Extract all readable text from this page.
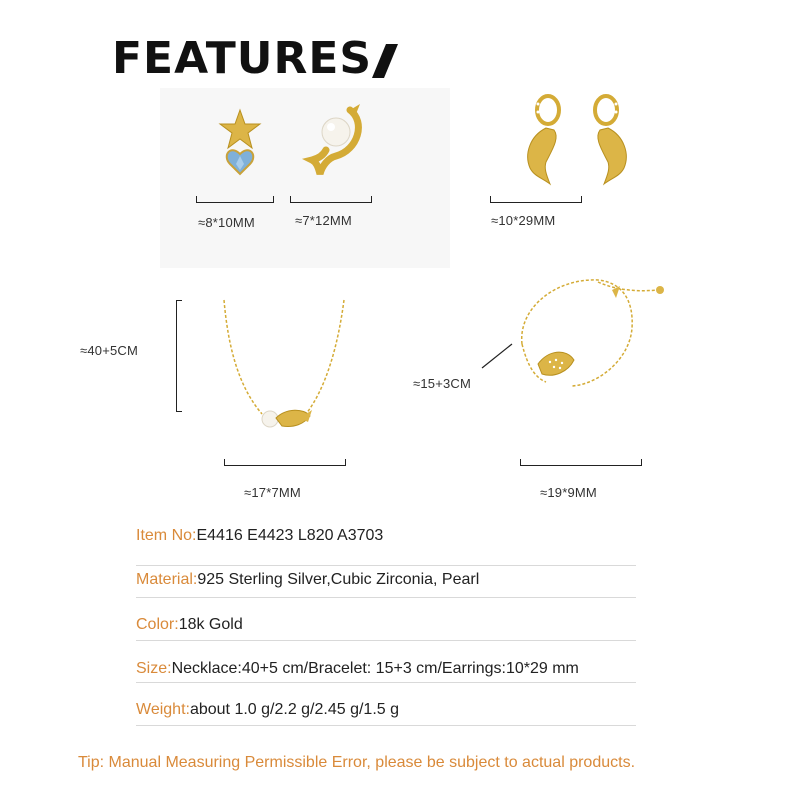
FEATURES
≈8*10MM	≈7*12MM	≈10*29MM
≈40+5CM
≈17*7MM
≈15+3CM
≈19*9MM
Item No:E4416 E4423 L820 A3703
Material:925 Sterling Silver,Cubic Zirconia, Pearl
Color:18k Gold
Size:Necklace:40+5 cm/Bracelet: 15+3 cm/Earrings:10*29 mm
Weight:about 1.0 g/2.2 g/2.45 g/1.5 g
Tip: Manual Measuring Permissible Error, please be subject to actual products.
